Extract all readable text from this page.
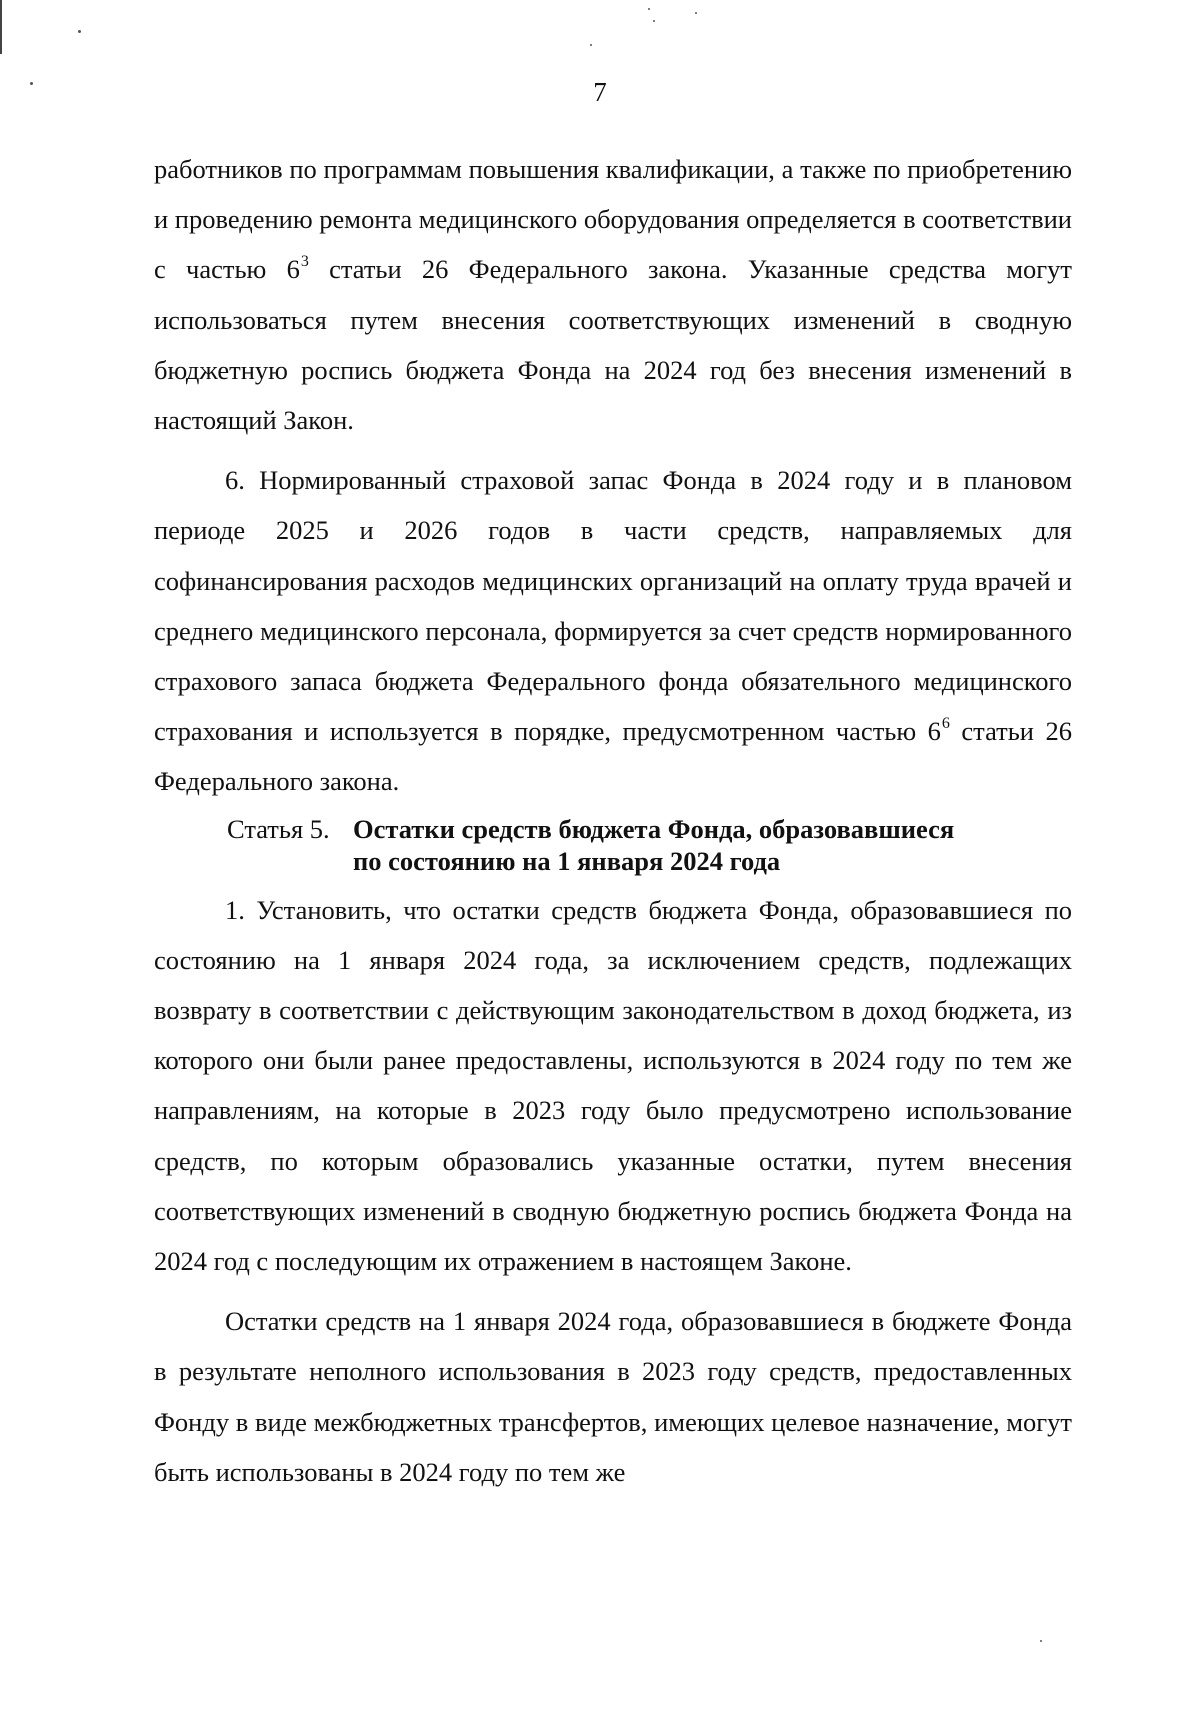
7

работников по программам повышения квалификации, а также по приобретению и проведению ремонта медицинского оборудования определяется в соответствии с частью $6^3$ статьи 26 Федерального закона. Указанные средства могут использоваться путем внесения соответствующих изменений в сводную бюджетную роспись бюджета Фонда на 2024 год без внесения изменений в настоящий Закон.

6. Нормированный страховой запас Фонда в 2024 году и в плановом периоде 2025 и 2026 годов в части средств, направляемых для софинансирования расходов медицинских организаций на оплату труда врачей и среднего медицинского персонала, формируется за счет средств нормированного страхового запаса бюджета Федерального фонда обязательного медицинского страхования и используется в порядке, предусмотренном частью $6^6$ статьи 26 Федерального закона.

Статья 5. Остатки средств бюджета Фонда, образовавшиеся
по состоянию на 1 января 2024 года

1. Установить, что остатки средств бюджета Фонда, образовавшиеся по состоянию на 1 января 2024 года, за исключением средств, подлежащих возврату в соответствии с действующим законодательством в доход бюджета, из которого они были ранее предоставлены, используются в 2024 году по тем же направлениям, на которые в 2023 году было предусмотрено использование средств, по которым образовались указанные остатки, путем внесения соответствующих изменений в сводную бюджетную роспись бюджета Фонда на 2024 год с последующим их отражением в настоящем Законе.

Остатки средств на 1 января 2024 года, образовавшиеся в бюджете Фонда в результате неполного использования в 2023 году средств, предоставленных Фонду в виде межбюджетных трансфертов, имеющих целевое назначение, могут быть использованы в 2024 году по тем же
